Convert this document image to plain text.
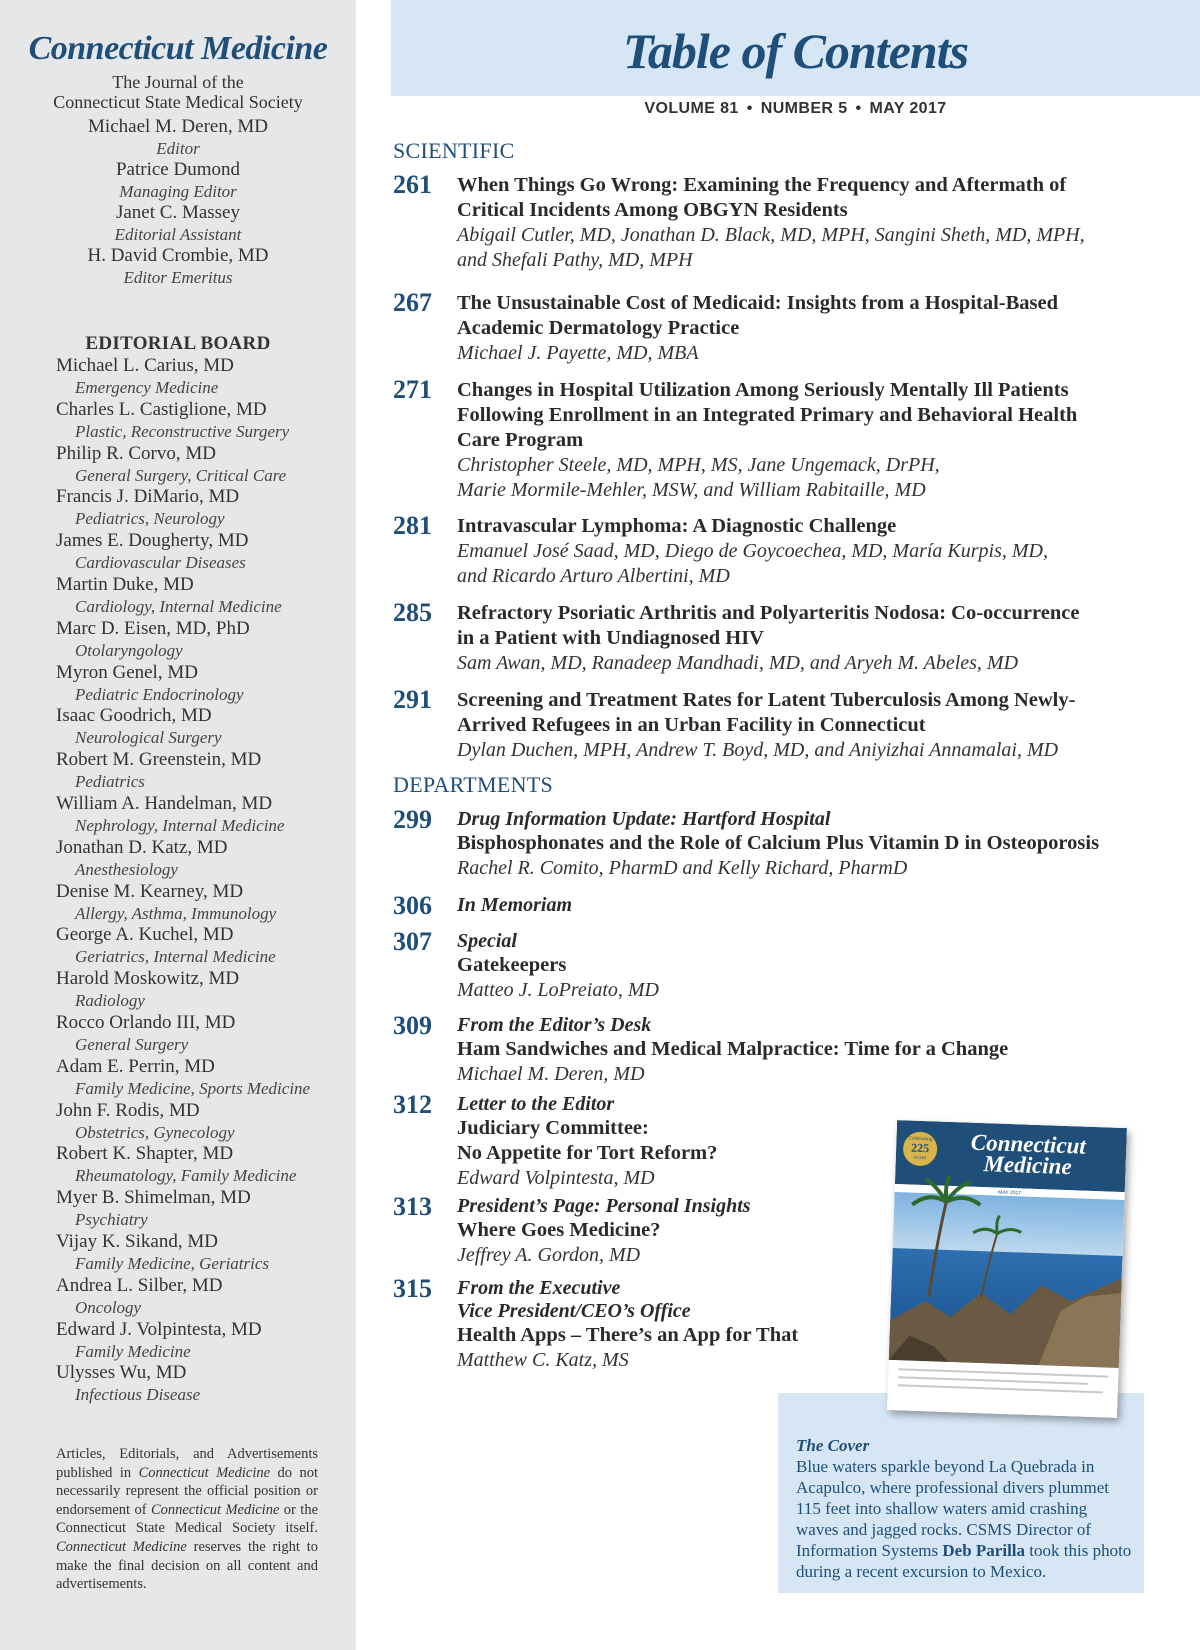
Connecticut Medicine
The Journal of the
Connecticut State Medical Society
Michael M. Deren, MD
Editor
Patrice Dumond
Managing Editor
Janet C. Massey
Editorial Assistant
H. David Crombie, MD
Editor Emeritus
EDITORIAL BOARD
Michael L. Carius, MD
Emergency Medicine
Charles L. Castiglione, MD
Plastic, Reconstructive Surgery
Philip R. Corvo, MD
General Surgery, Critical Care
Francis J. DiMario, MD
Pediatrics, Neurology
James E. Dougherty, MD
Cardiovascular Diseases
Martin Duke, MD
Cardiology, Internal Medicine
Marc D. Eisen, MD, PhD
Otolaryngology
Myron Genel, MD
Pediatric Endocrinology
Isaac Goodrich, MD
Neurological Surgery
Robert M. Greenstein, MD
Pediatrics
William A. Handelman, MD
Nephrology, Internal Medicine
Jonathan D. Katz, MD
Anesthesiology
Denise M. Kearney, MD
Allergy, Asthma, Immunology
George A. Kuchel, MD
Geriatrics, Internal Medicine
Harold Moskowitz, MD
Radiology
Rocco Orlando III, MD
General Surgery
Adam E. Perrin, MD
Family Medicine, Sports Medicine
John F. Rodis, MD
Obstetrics, Gynecology
Robert K. Shapter, MD
Rheumatology, Family Medicine
Myer B. Shimelman, MD
Psychiatry
Vijay K. Sikand, MD
Family Medicine, Geriatrics
Andrea L. Silber, MD
Oncology
Edward J. Volpintesta, MD
Family Medicine
Ulysses Wu, MD
Infectious Disease
Articles, Editorials, and Advertisements published in Connecticut Medicine do not necessarily represent the official position or endorsement of Connecticut Medicine or the Connecticut State Medical Society itself. Connecticut Medicine reserves the right to make the final decision on all content and advertisements.
Table of Contents
VOLUME 81 • NUMBER 5 • MAY 2017
SCIENTIFIC
261 When Things Go Wrong: Examining the Frequency and Aftermath of
Critical Incidents Among OBGYN Residents
Abigail Cutler, MD, Jonathan D. Black, MD, MPH, Sangini Sheth, MD, MPH,
and Shefali Pathy, MD, MPH
267 The Unsustainable Cost of Medicaid: Insights from a Hospital-Based
Academic Dermatology Practice
Michael J. Payette, MD, MBA
271 Changes in Hospital Utilization Among Seriously Mentally Ill Patients
Following Enrollment in an Integrated Primary and Behavioral Health
Care Program
Christopher Steele, MD, MPH, MS, Jane Ungemack, DrPH,
Marie Mormile-Mehler, MSW, and William Rabitaille, MD
281 Intravascular Lymphoma: A Diagnostic Challenge
Emanuel José Saad, MD, Diego de Goycoechea, MD, María Kurpis, MD,
and Ricardo Arturo Albertini, MD
285 Refractory Psoriatic Arthritis and Polyarteritis Nodosa: Co-occurrence
in a Patient with Undiagnosed HIV
Sam Awan, MD, Ranadeep Mandhadi, MD, and Aryeh M. Abeles, MD
291 Screening and Treatment Rates for Latent Tuberculosis Among Newly-
Arrived Refugees in an Urban Facility in Connecticut
Dylan Duchen, MPH, Andrew T. Boyd, MD, and Aniyizhai Annamalai, MD
DEPARTMENTS
299 Drug Information Update: Hartford Hospital
Bisphosphonates and the Role of Calcium Plus Vitamin D in Osteoporosis
Rachel R. Comito, PharmD and Kelly Richard, PharmD
306 In Memoriam
307 Special
Gatekeepers
Matteo J. LoPreiato, MD
309 From the Editor’s Desk
Ham Sandwiches and Medical Malpractice: Time for a Change
Michael M. Deren, MD
312 Letter to the Editor
Judiciary Committee:
No Appetite for Tort Reform?
Edward Volpintesta, MD
313 President’s Page: Personal Insights
Where Goes Medicine?
Jeffrey A. Gordon, MD
315 From the Executive
Vice President/CEO’s Office
Health Apps – There’s an App for That
Matthew C. Katz, MS
The Cover
Blue waters sparkle beyond La Quebrada in Acapulco, where professional divers plummet 115 feet into shallow waters amid crashing waves and jagged rocks. CSMS Director of Information Systems Deb Parilla took this photo during a recent excursion to Mexico.
Celebrating
225
YEARS Connecticut
Medicine
MAY 2017
